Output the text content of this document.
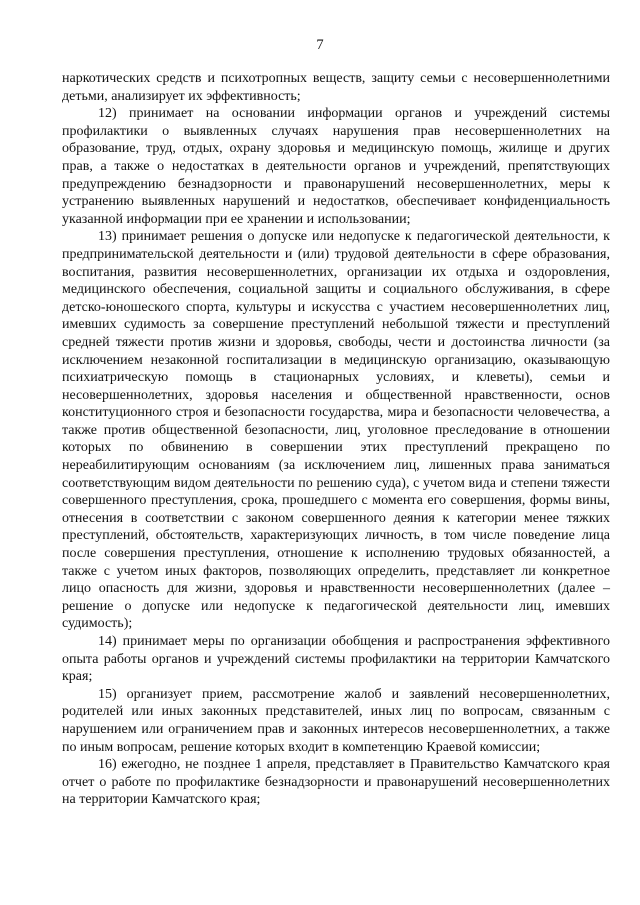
7

наркотических средств и психотропных веществ, защиту семьи с несовершеннолетними детьми, анализирует их эффективность;

12) принимает на основании информации органов и учреждений системы профилактики о выявленных случаях нарушения прав несовершеннолетних на образование, труд, отдых, охрану здоровья и медицинскую помощь, жилище и других прав, а также о недостатках в деятельности органов и учреждений, препятствующих предупреждению безнадзорности и правонарушений несовершеннолетних, меры к устранению выявленных нарушений и недостатков, обеспечивает конфиденциальность указанной информации при ее хранении и использовании;

13) принимает решения о допуске или недопуске к педагогической деятельности, к предпринимательской деятельности и (или) трудовой деятельности в сфере образования, воспитания, развития несовершеннолетних, организации их отдыха и оздоровления, медицинского обеспечения, социальной защиты и социального обслуживания, в сфере детско-юношеского спорта, культуры и искусства с участием несовершеннолетних лиц, имевших судимость за совершение преступлений небольшой тяжести и преступлений средней тяжести против жизни и здоровья, свободы, чести и достоинства личности (за исключением незаконной госпитализации в медицинскую организацию, оказывающую психиатрическую помощь в стационарных условиях, и клеветы), семьи и несовершеннолетних, здоровья населения и общественной нравственности, основ конституционного строя и безопасности государства, мира и безопасности человечества, а также против общественной безопасности, лиц, уголовное преследование в отношении которых по обвинению в совершении этих преступлений прекращено по нереабилитирующим основаниям (за исключением лиц, лишенных права заниматься соответствующим видом деятельности по решению суда), с учетом вида и степени тяжести совершенного преступления, срока, прошедшего с момента его совершения, формы вины, отнесения в соответствии с законом совершенного деяния к категории менее тяжких преступлений, обстоятельств, характеризующих личность, в том числе поведение лица после совершения преступления, отношение к исполнению трудовых обязанностей, а также с учетом иных факторов, позволяющих определить, представляет ли конкретное лицо опасность для жизни, здоровья и нравственности несовершеннолетних (далее – решение о допуске или недопуске к педагогической деятельности лиц, имевших судимость);

14) принимает меры по организации обобщения и распространения эффективного опыта работы органов и учреждений системы профилактики на территории Камчатского края;

15) организует прием, рассмотрение жалоб и заявлений несовершеннолетних, родителей или иных законных представителей, иных лиц по вопросам, связанным с нарушением или ограничением прав и законных интересов несовершеннолетних, а также по иным вопросам, решение которых входит в компетенцию Краевой комиссии;

16) ежегодно, не позднее 1 апреля, представляет в Правительство Камчатского края отчет о работе по профилактике безнадзорности и правонарушений несовершеннолетних на территории Камчатского края;
